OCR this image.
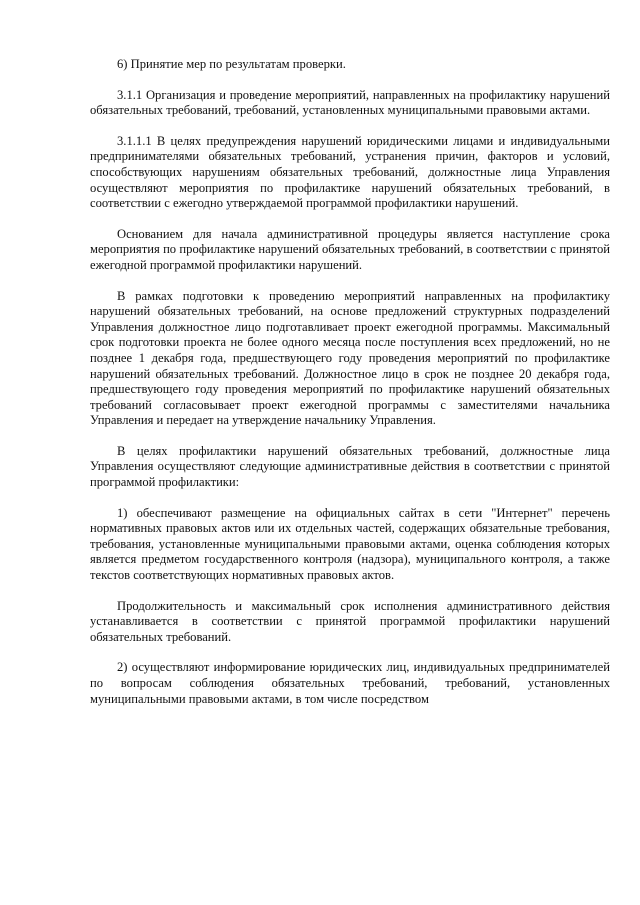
6) Принятие мер по результатам проверки.

3.1.1 Организация и проведение мероприятий, направленных на профилактику нарушений обязательных требований, требований, установленных муниципальными правовыми актами.

3.1.1.1 В целях предупреждения нарушений юридическими лицами и индивидуальными предпринимателями обязательных требований, устранения причин, факторов и условий, способствующих нарушениям обязательных требований, должностные лица Управления осуществляют мероприятия по профилактике нарушений обязательных требований, в соответствии с ежегодно утверждаемой программой профилактики нарушений.

Основанием для начала административной процедуры является наступление срока мероприятия по профилактике нарушений обязательных требований, в соответствии с принятой ежегодной программой профилактики нарушений.

В рамках подготовки к проведению мероприятий направленных на профилактику нарушений обязательных требований, на основе предложений структурных подразделений Управления должностное лицо подготавливает проект ежегодной программы. Максимальный срок подготовки проекта не более одного месяца после поступления всех предложений, но не позднее 1 декабря года, предшествующего году проведения мероприятий по профилактике нарушений обязательных требований. Должностное лицо в срок не позднее 20 декабря года, предшествующего году проведения мероприятий по профилактике нарушений обязательных требований согласовывает проект ежегодной программы с заместителями начальника Управления и передает на утверждение начальнику Управления.

В целях профилактики нарушений обязательных требований, должностные лица Управления осуществляют следующие административные действия в соответствии с принятой программой профилактики:

1) обеспечивают размещение на официальных сайтах в сети "Интернет" перечень нормативных правовых актов или их отдельных частей, содержащих обязательные требования, требования, установленные муниципальными правовыми актами, оценка соблюдения которых является предметом государственного контроля (надзора), муниципального контроля, а также текстов соответствующих нормативных правовых актов.

Продолжительность и максимальный срок исполнения административного действия устанавливается в соответствии с принятой программой профилактики нарушений обязательных требований.

2) осуществляют информирование юридических лиц, индивидуальных предпринимателей по вопросам соблюдения обязательных требований, требований, установленных муниципальными правовыми актами, в том числе посредством
